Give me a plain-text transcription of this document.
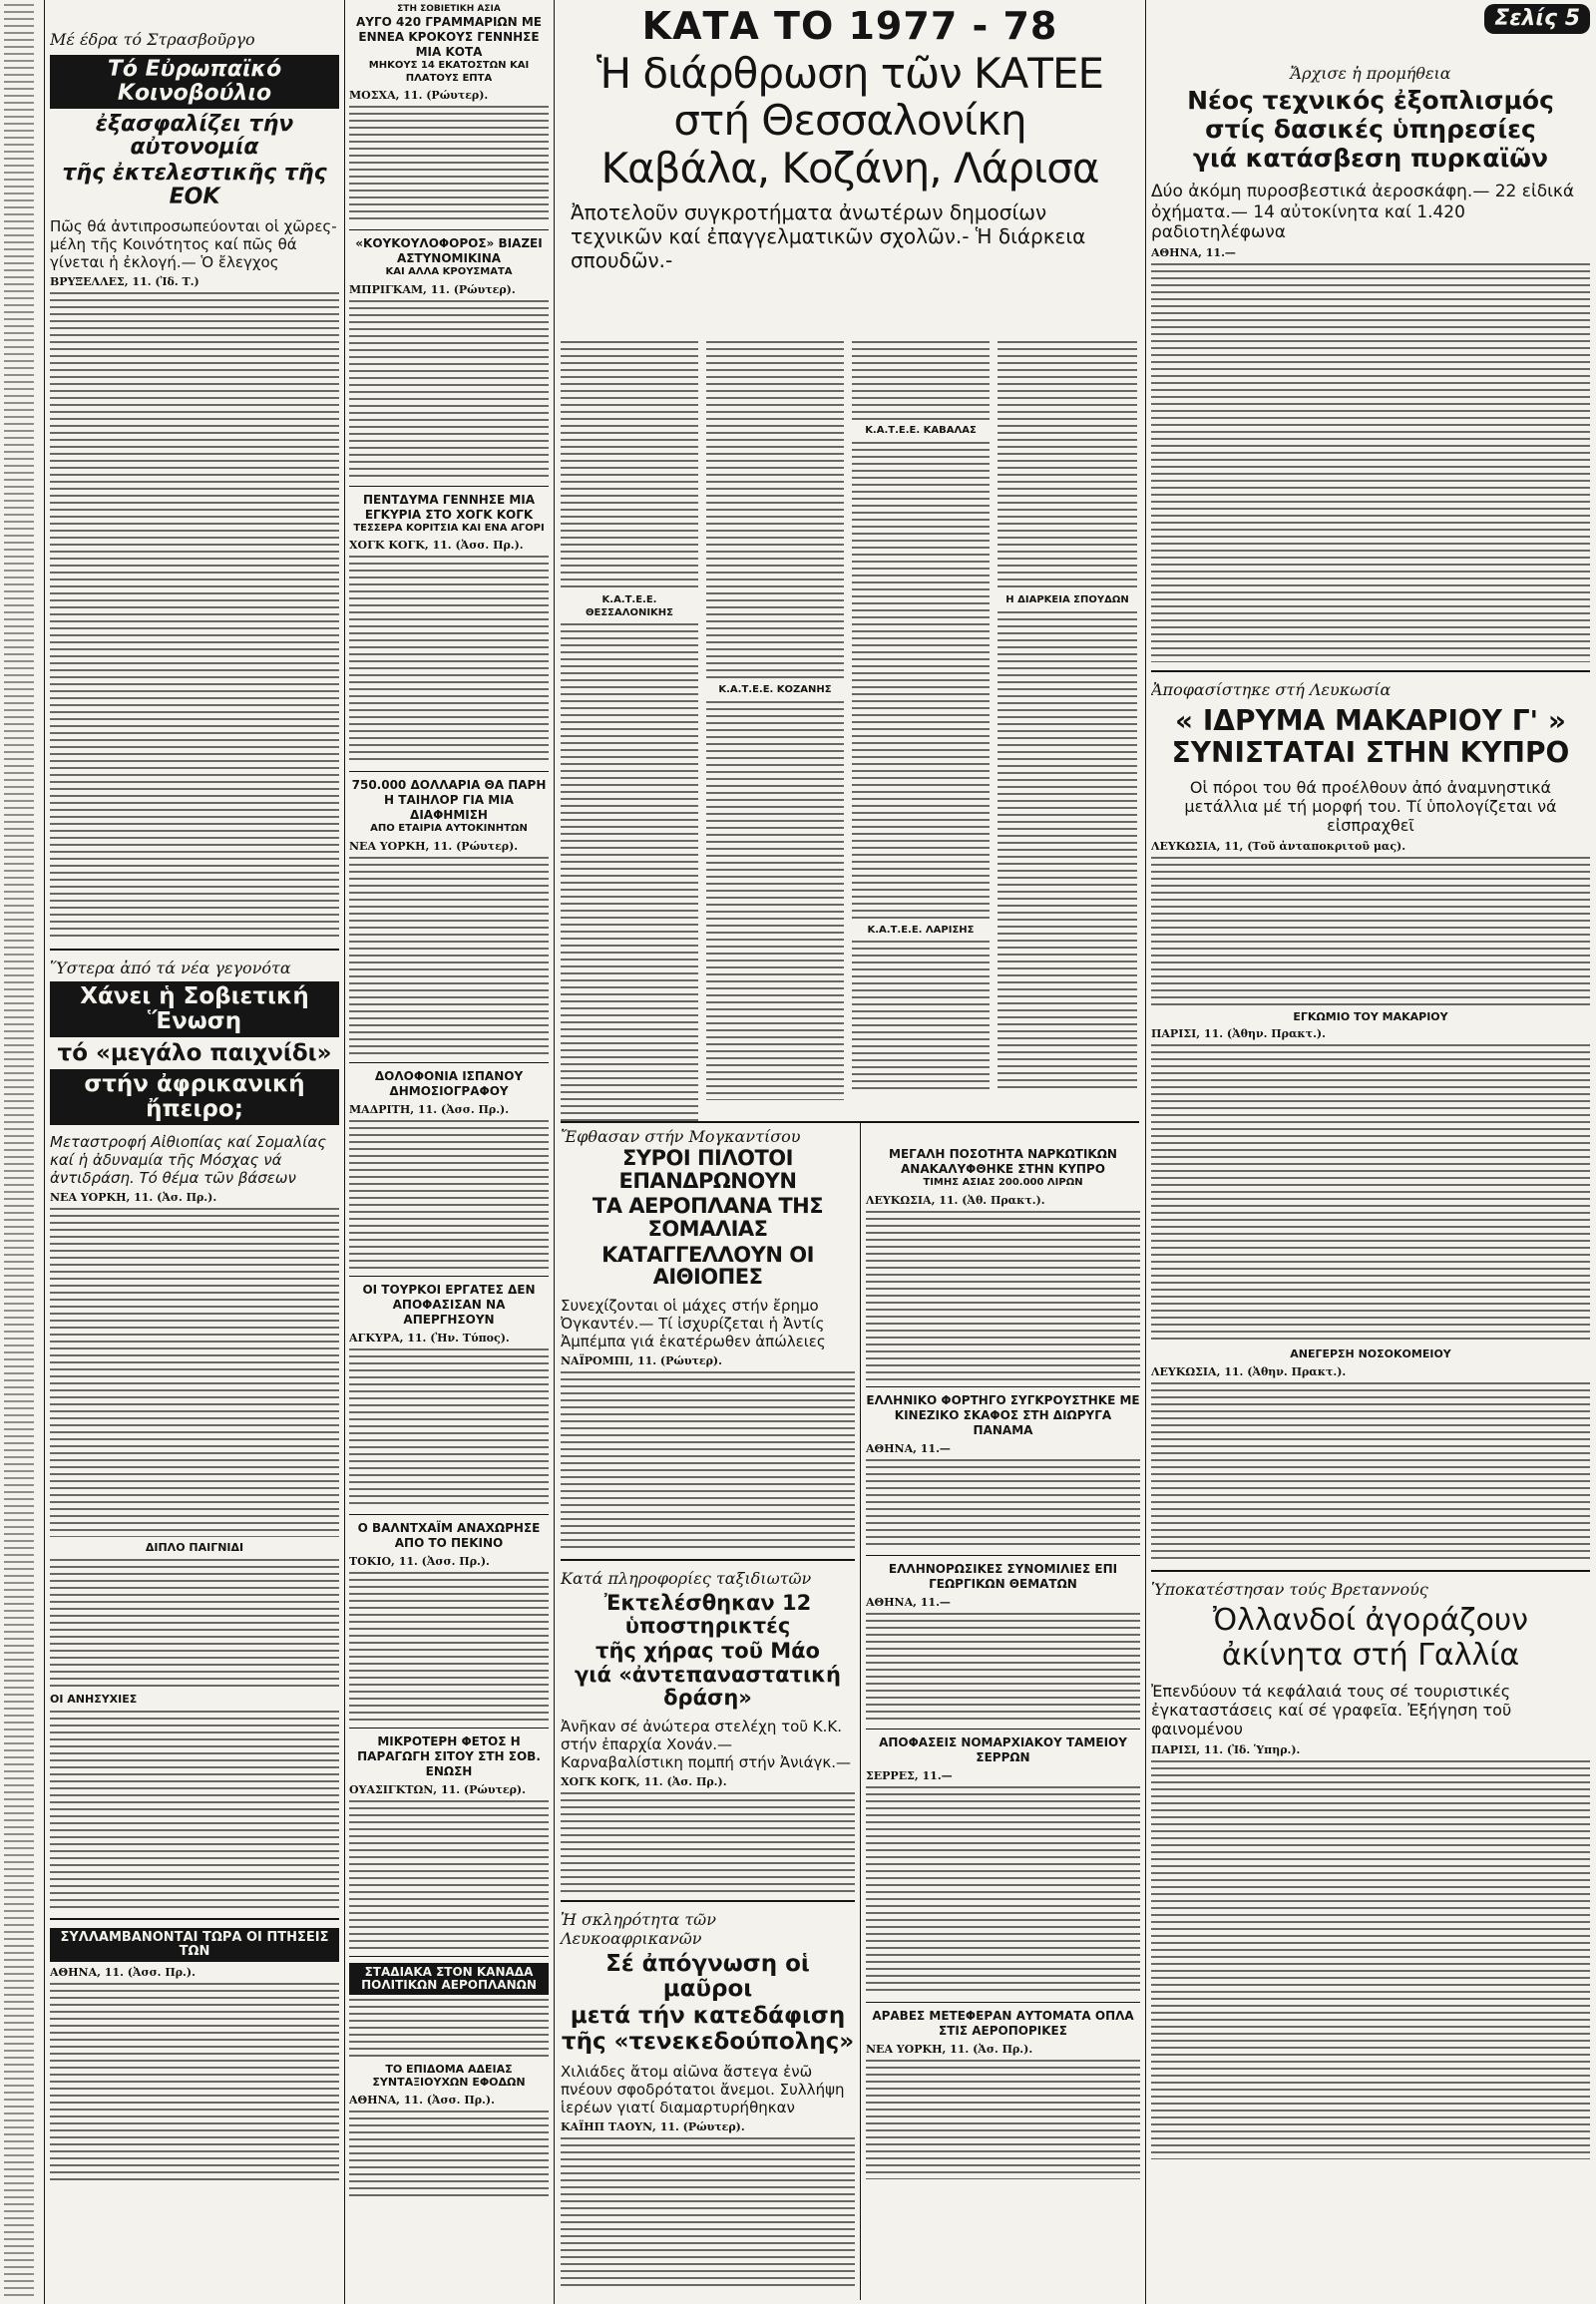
Μέ έδρα τό Στρασβοῦργο

Τό Εὐρωπαϊκό Κοινοβούλιο

ἐξασφαλίζει τήν αὐτονομία

τῆς ἐκτελεστικῆς τῆς ΕΟΚ

Πῶς θά ἀντιπροσωπεύονται οἱ χῶρες-μέλη τῆς Κοινότητος καί πῶς θά γίνεται ἡ ἐκλογή.— Ὁ ἔλεγχος

ΒΡΥΞΕΛΛΕΣ, 11. (Ἰδ. Τ.)

Ὕστερα ἀπό τά νέα γεγονότα

Χάνει ἡ Σοβιετική Ἕνωση

τό «μεγάλο παιχνίδι»

στήν ἀφρικανική ἤπειρο;

Μεταστροφή Αἰθιοπίας καί Σομαλίας καί ἡ ἀδυναμία τῆς Μόσχας νά ἀντιδράση. Τό θέμα τῶν βάσεων

ΝΕΑ ΥΟΡΚΗ, 11. (Ἀσ. Πρ.).

ΔΙΠΛΟ ΠΑΙΓΝΙΔΙ

ΟΙ ΑΝΗΣΥΧΙΕΣ

ΣΥΛΛΑΜΒΑΝΟΝΤΑΙ ΤΩΡΑ ΟΙ ΠΤΗΣΕΙΣ ΤΩΝ

ΑΘΗΝΑ, 11. (Ἀσσ. Πρ.).

ΣΤΗ ΣΟΒΙΕΤΙΚΗ ΑΣΙΑ

ΑΥΓΟ 420 ΓΡΑΜΜΑΡΙΩΝ ΜΕ ΕΝΝΕΑ ΚΡΟΚΟΥΣ ΓΕΝΝΗΣΕ ΜΙΑ ΚΟΤΑ

ΜΗΚΟΥΣ 14 ΕΚΑΤΟΣΤΩΝ ΚΑΙ ΠΛΑΤΟΥΣ ΕΠΤΑ

ΜΟΣΧΑ, 11. (Ρώυτερ).

«ΚΟΥΚΟΥΛΟΦΟΡΟΣ» ΒΙΑΖΕΙ ΑΣΤΥΝΟΜΙΚΙΝΑ

ΚΑΙ ΑΛΛΑ ΚΡΟΥΣΜΑΤΑ

ΜΠΡΙΓΚΑΜ, 11. (Ρώυτερ).

ΠΕΝΤΔΥΜΑ ΓΕΝΝΗΣΕ ΜΙΑ ΕΓΚΥΡΙΑ ΣΤΟ ΧΟΓΚ ΚΟΓΚ

ΤΕΣΣΕΡΑ ΚΟΡΙΤΣΙΑ ΚΑΙ ΕΝΑ ΑΓΟΡΙ

ΧΟΓΚ ΚΟΓΚ, 11. (Ἀσσ. Πρ.).

750.000 ΔΟΛΛΑΡΙΑ ΘΑ ΠΑΡΗ Η ΤΑΙΗΛΟΡ ΓΙΑ ΜΙΑ ΔΙΑΦΗΜΙΣΗ

ΑΠΟ ΕΤΑΙΡΙΑ ΑΥΤΟΚΙΝΗΤΩΝ

ΝΕΑ ΥΟΡΚΗ, 11. (Ρώυτερ).

ΔΟΛΟΦΟΝΙΑ ΙΣΠΑΝΟΥ ΔΗΜΟΣΙΟΓΡΑΦΟΥ

ΜΑΔΡΙΤΗ, 11. (Ἀσσ. Πρ.).

ΟΙ ΤΟΥΡΚΟΙ ΕΡΓΑΤΕΣ ΔΕΝ ΑΠΟΦΑΣΙΣΑΝ ΝΑ ΑΠΕΡΓΗΣΟΥΝ

ΑΓΚΥΡΑ, 11. (Ἠν. Τύπος).

Ο ΒΑΛΝΤΧΑΪΜ ΑΝΑΧΩΡΗΣΕ ΑΠΟ ΤΟ ΠΕΚΙΝΟ

ΤΟΚΙΟ, 11. (Ἀσσ. Πρ.).

ΜΙΚΡΟΤΕΡΗ ΦΕΤΟΣ Η ΠΑΡΑΓΩΓΗ ΣΙΤΟΥ ΣΤΗ ΣΟΒ. ΕΝΩΣΗ

ΟΥΑΣΙΓΚΤΩΝ, 11. (Ρώυτερ).

ΣΤΑΔΙΑΚΑ ΣΤΟΝ ΚΑΝΑΔΑ ΠΟΛΙΤΙΚΩΝ ΑΕΡΟΠΛΑΝΩΝ

ΤΟ ΕΠΙΔΟΜΑ ΑΔΕΙΑΣ ΣΥΝΤΑΞΙΟΥΧΩΝ ΕΦΟΔΩΝ

ΑΘΗΝΑ, 11. (Ἀσσ. Πρ.).

ΚΑΤΑ ΤΟ 1977 - 78

Ἡ διάρθρωση τῶν ΚΑΤΕΕ

στή Θεσσαλονίκη

Καβάλα, Κοζάνη, Λάρισα

Ἀποτελοῦν συγκροτήματα ἀνωτέρων δημοσίων τεχνικῶν καί ἐπαγγελματικῶν σχολῶν.- Ἡ διάρκεια σπουδῶν.-

Κ.Α.Τ.Ε.Ε. ΘΕΣΣΑΛΟΝΙΚΗΣ

Κ.Α.Τ.Ε.Ε. ΚΟΖΑΝΗΣ

Κ.Α.Τ.Ε.Ε. ΚΑΒΑΛΑΣ

Κ.Α.Τ.Ε.Ε. ΛΑΡΙΣΗΣ

Η ΔΙΑΡΚΕΙΑ ΣΠΟΥΔΩΝ

Ἔφθασαν στήν Μογκαντίσου

ΣΥΡΟΙ ΠΙΛΟΤΟΙ ΕΠΑΝΔΡΩΝΟΥΝ

ΤΑ ΑΕΡΟΠΛΑΝΑ ΤΗΣ ΣΟΜΑΛΙΑΣ

ΚΑΤΑΓΓΕΛΛΟΥΝ ΟΙ ΑΙΘΙΟΠΕΣ

Συνεχίζονται οἱ μάχες στήν ἔρημο Ὀγκαντέν.— Τί ἰσχυρίζεται ἡ Ἀντίς Ἀμπέμπα γιά ἑκατέρωθεν ἀπώλειες

ΝΑΪΡΟΜΠΙ, 11. (Ρώυτερ).

Κατά πληροφορίες ταξιδιωτῶν

Ἐκτελέσθηκαν 12 ὑποστηρικτές

τῆς χήρας τοῦ Μάο

γιά «ἀντεπαναστατική δράση»

Ἀνῆκαν σέ ἀνώτερα στελέχη τοῦ Κ.Κ. στήν ἐπαρχία Χονάν.— Καρναβαλίστικη πομπή στήν Ἀνιάγκ.—

ΧΟΓΚ ΚΟΓΚ, 11. (Ἀσ. Πρ.).

Ἡ σκληρότητα τῶν Λευκοαφρικανῶν

Σέ ἀπόγνωση οἱ μαῦροι

μετά τήν κατεδάφιση

τῆς «τενεκεδούπολης»

Χιλιάδες ἄτομ αἰῶνα ἄστεγα ἐνῶ πνέουν σφοδρότατοι ἄνεμοι. Συλλήψη ἱερέων γιατί διαμαρτυρήθηκαν

ΚΑΪΗΠ ΤΑΟΥΝ, 11. (Ρώυτερ).

ΜΕΓΑΛΗ ΠΟΣΟΤΗΤΑ ΝΑΡΚΩΤΙΚΩΝ ΑΝΑΚΑΛΥΦΘΗΚΕ ΣΤΗΝ ΚΥΠΡΟ

ΤΙΜΗΣ ΑΣΙΑΣ 200.000 ΛΙΡΩΝ

ΛΕΥΚΩΣΙΑ, 11. (Ἀθ. Πρακτ.).

ΕΛΛΗΝΙΚΟ ΦΟΡΤΗΓΟ ΣΥΓΚΡΟΥΣΤΗΚΕ ΜΕ ΚΙΝΕΖΙΚΟ ΣΚΑΦΟΣ ΣΤΗ ΔΙΩΡΥΓΑ ΠΑΝΑΜΑ

ΑΘΗΝΑ, 11.—

ΕΛΛΗΝΟΡΩΣΙΚΕΣ ΣΥΝΟΜΙΛΙΕΣ ΕΠΙ ΓΕΩΡΓΙΚΩΝ ΘΕΜΑΤΩΝ

ΑΘΗΝΑ, 11.—

ΑΠΟΦΑΣΕΙΣ ΝΟΜΑΡΧΙΑΚΟΥ ΤΑΜΕΙΟΥ ΣΕΡΡΩΝ

ΣΕΡΡΕΣ, 11.—

ΑΡΑΒΕΣ ΜΕΤΕΦΕΡΑΝ ΑΥΤΟΜΑΤΑ ΟΠΛΑ ΣΤΙΣ ΑΕΡΟΠΟΡΙΚΕΣ

ΝΕΑ ΥΟΡΚΗ, 11. (Ἀσ. Πρ.).

Σελίς 5

Ἄρχισε ἡ προμήθεια

Νέος τεχνικός ἐξοπλισμός

στίς δασικές ὑπηρεσίες

γιά κατάσβεση πυρκαϊῶν

Δύο ἀκόμη πυροσβεστικά ἀεροσκάφη.— 22 εἰδικά ὀχήματα.— 14 αὐτοκίνητα καί 1.420 ραδιοτηλέφωνα

ΑΘΗΝΑ, 11.—

Ἀποφασίστηκε στή Λευκωσία

« ΙΔΡΥΜΑ ΜΑΚΑΡΙΟΥ Γ' »

ΣΥΝΙΣΤΑΤΑΙ ΣΤΗΝ ΚΥΠΡΟ

Οἱ πόροι του θά προέλθουν ἀπό ἀναμνηστικά μετάλλια μέ τή μορφή του. Τί ὑπολογίζεται νά εἰσπραχθεῖ

ΛΕΥΚΩΣΙΑ, 11, (Τοῦ ἀνταποκριτοῦ μας).

ΕΓΚΩΜΙΟ ΤΟΥ ΜΑΚΑΡΙΟΥ

ΠΑΡΙΣΙ, 11. (Ἀθην. Πρακτ.).

ΑΝΕΓΕΡΣΗ ΝΟΣΟΚΟΜΕΙΟΥ

ΛΕΥΚΩΣΙΑ, 11. (Ἀθην. Πρακτ.).

Ὑποκατέστησαν τούς Βρεταννούς

Ὀλλανδοί ἀγοράζουν

ἀκίνητα στή Γαλλία

Ἐπενδύουν τά κεφάλαιά τους σέ τουριστικές ἐγκαταστάσεις καί σέ γραφεῖα. Ἐξήγηση τοῦ φαινομένου

ΠΑΡΙΣΙ, 11. (Ἰδ. Ὑπηρ.).
